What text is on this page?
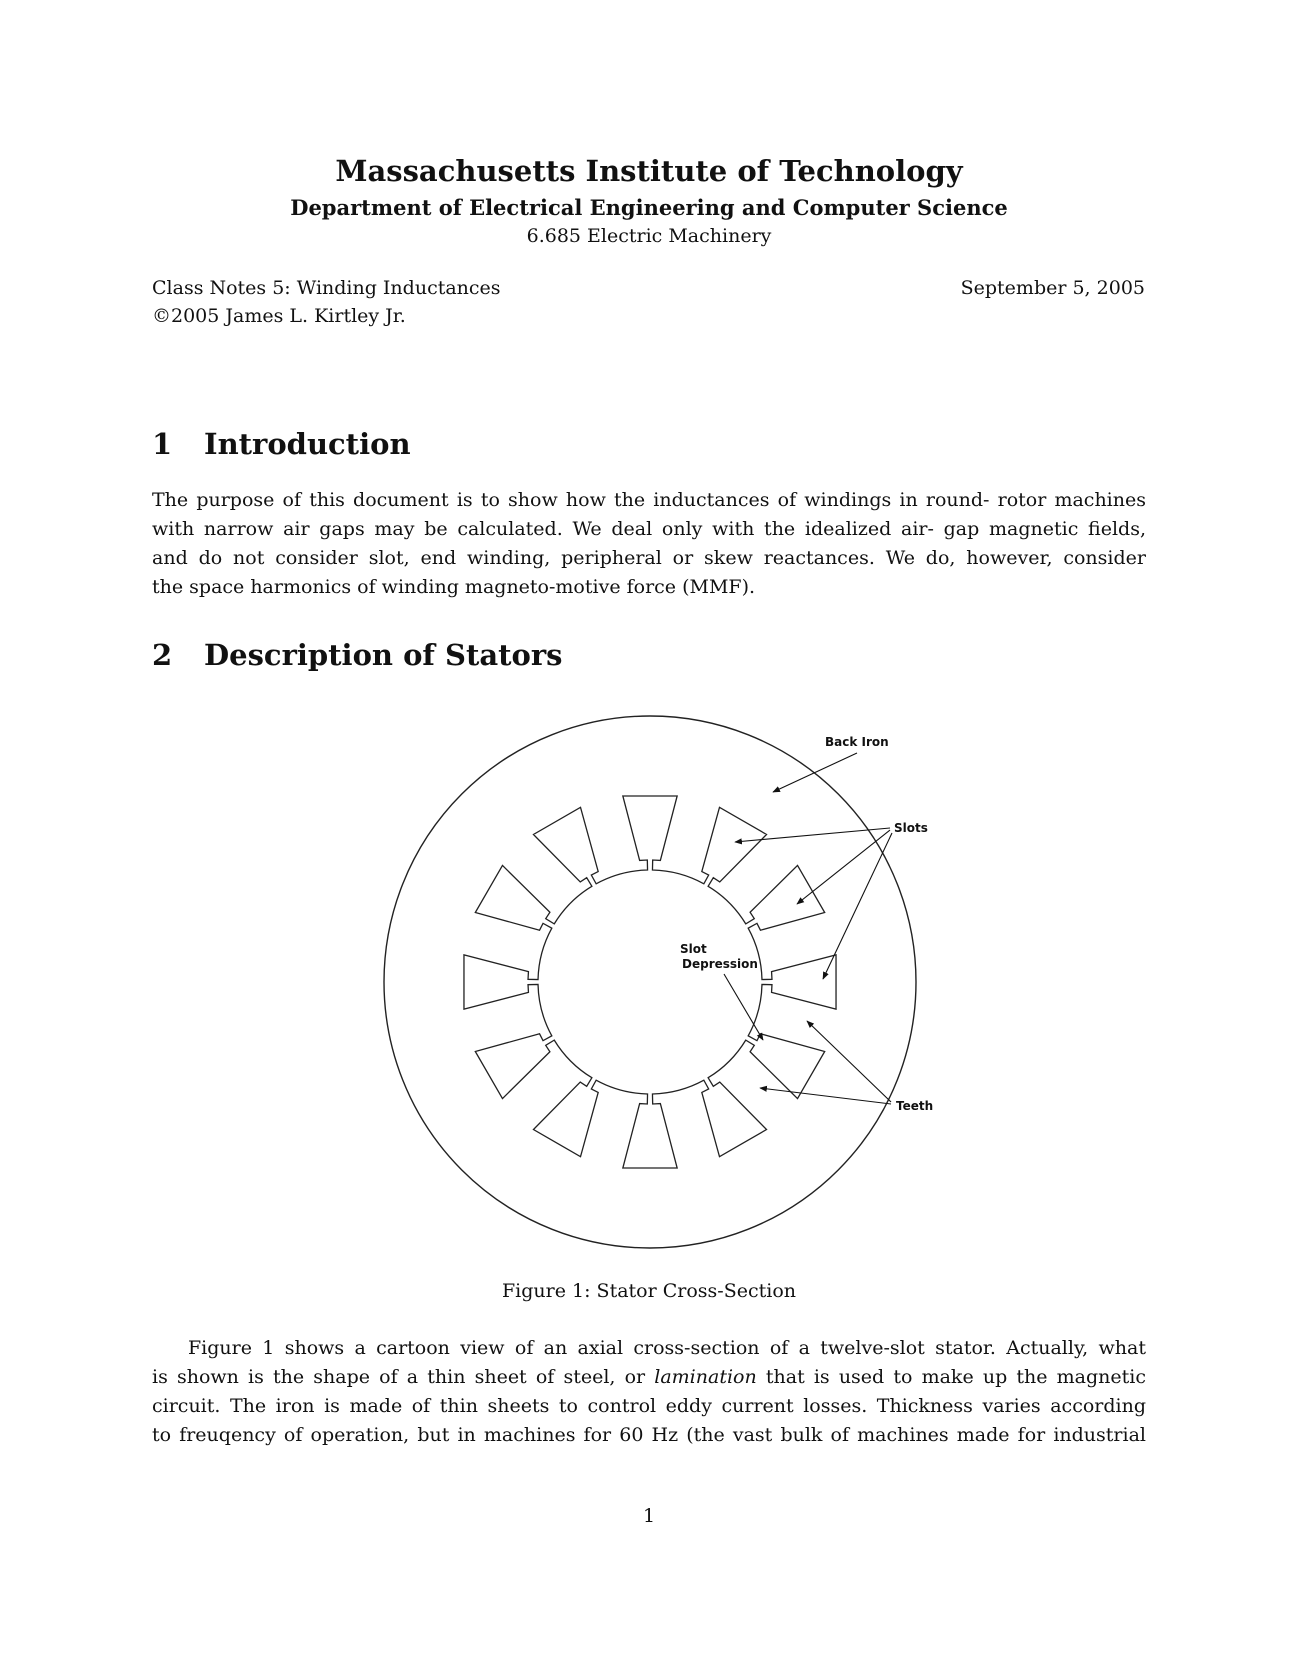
Massachusetts Institute of Technology
Department of Electrical Engineering and Computer Science
6.685 Electric Machinery
Class Notes 5: Winding Inductances	September 5, 2005
©2005 James L. Kirtley Jr.
1 Introduction
The purpose of this document is to show how the inductances of windings in round- rotor machines
with narrow air gaps may be calculated. We deal only with the idealized air- gap magnetic fields,
and do not consider slot, end winding, peripheral or skew reactances. We do, however, consider
the space harmonics of winding magneto-motive force (MMF).
2 Description of Stators
Back Iron
Slots
Slot
Depression
Teeth
Figure 1: Stator Cross-Section
Figure 1 shows a cartoon view of an axial cross-section of a twelve-slot stator. Actually, what
is shown is the shape of a thin sheet of steel, or lamination that is used to make up the magnetic
circuit. The iron is made of thin sheets to control eddy current losses. Thickness varies according
to freuqency of operation, but in machines for 60 Hz (the vast bulk of machines made for industrial
1
